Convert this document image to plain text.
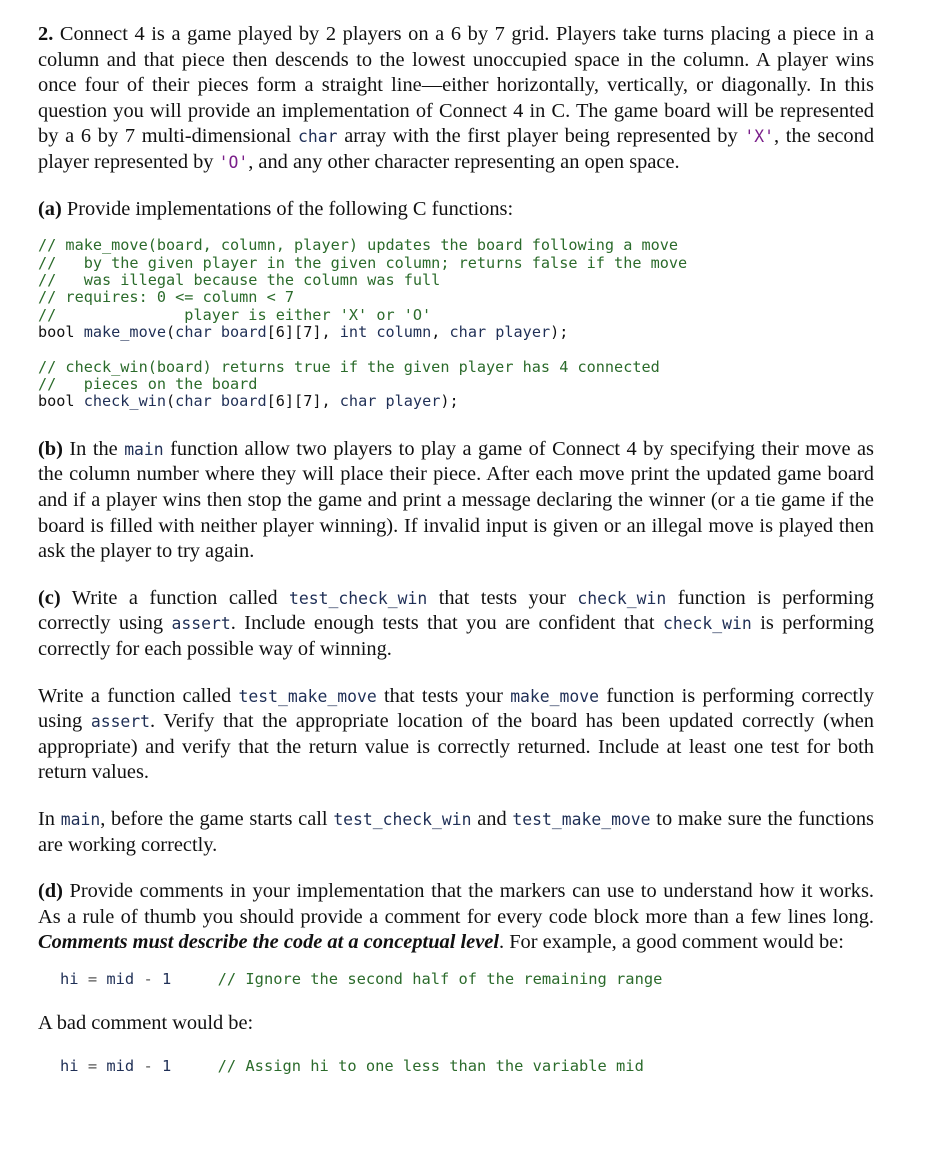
2. Connect 4 is a game played by 2 players on a 6 by 7 grid. Players take turns placing a piece in a column and that piece then descends to the lowest unoccupied space in the column. A player wins once four of their pieces form a straight line—either horizontally, vertically, or diagonally. In this question you will provide an implementation of Connect 4 in C. The game board will be represented by a 6 by 7 multi-dimensional char array with the first player being represented by 'X', the second player represented by 'O', and any other character representing an open space.

(a) Provide implementations of the following C functions:

// make_move(board, column, player) updates the board following a move
//   by the given player in the given column; returns false if the move
//   was illegal because the column was full
// requires: 0 <= column < 7
//              player is either 'X' or 'O'
bool make_move(char board[6][7], int column, char player);
// check_win(board) returns true if the given player has 4 connected
//   pieces on the board
bool check_win(char board[6][7], char player);

(b) In the main function allow two players to play a game of Connect 4 by specifying their move as the column number where they will place their piece. After each move print the updated game board and if a player wins then stop the game and print a message declaring the winner (or a tie game if the board is filled with neither player winning). If invalid input is given or an illegal move is played then ask the player to try again.

(c) Write a function called test_check_win that tests your check_win function is performing correctly using assert. Include enough tests that you are confident that check_win is performing correctly for each possible way of winning.

Write a function called test_make_move that tests your make_move function is performing correctly using assert. Verify that the appropriate location of the board has been updated correctly (when appropriate) and verify that the return value is correctly returned. Include at least one test for both return values.

In main, before the game starts call test_check_win and test_make_move to make sure the functions are working correctly.

(d) Provide comments in your implementation that the markers can use to understand how it works. As a rule of thumb you should provide a comment for every code block more than a few lines long. Comments must describe the code at a conceptual level. For example, a good comment would be:

hi = mid - 1	// Ignore the second half of the remaining range

A bad comment would be:

hi = mid - 1	// Assign hi to one less than the variable mid
